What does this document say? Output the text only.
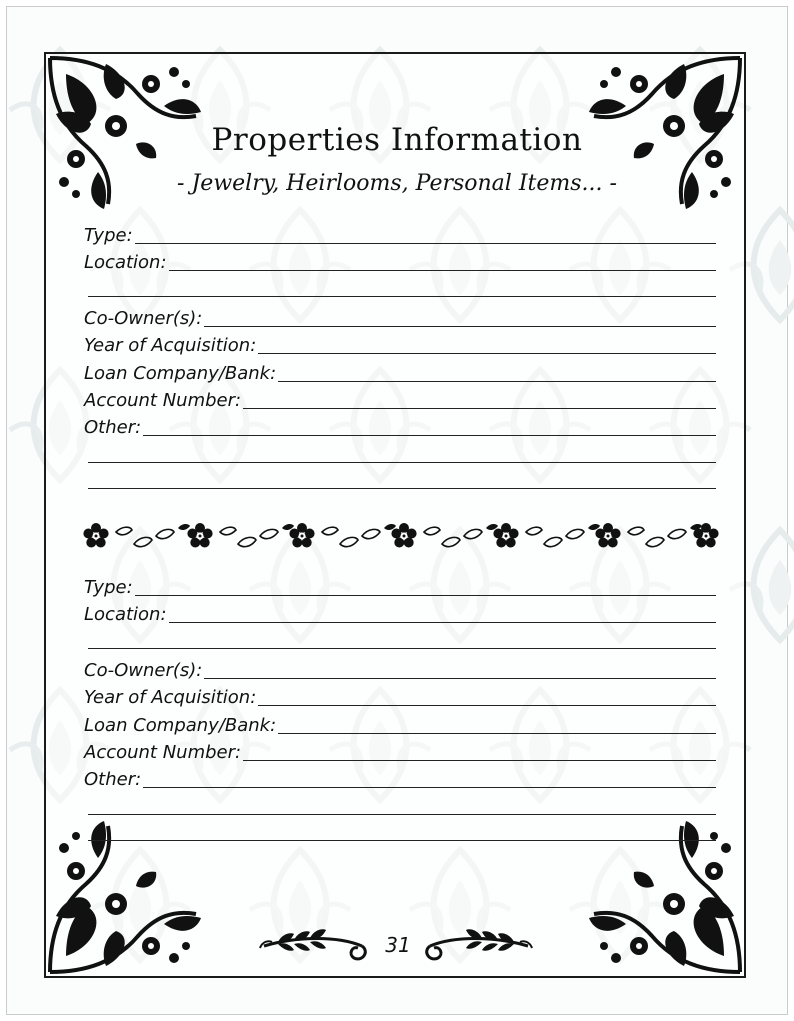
Properties Information

- Jewelry, Heirlooms, Personal Items... -

Type:
Location:
Co-Owner(s):
Year of Acquisition:
Loan Company/Bank:
Account Number:
Other:
Type:
Location:
Co-Owner(s):
Year of Acquisition:
Loan Company/Bank:
Account Number:
Other:
31
